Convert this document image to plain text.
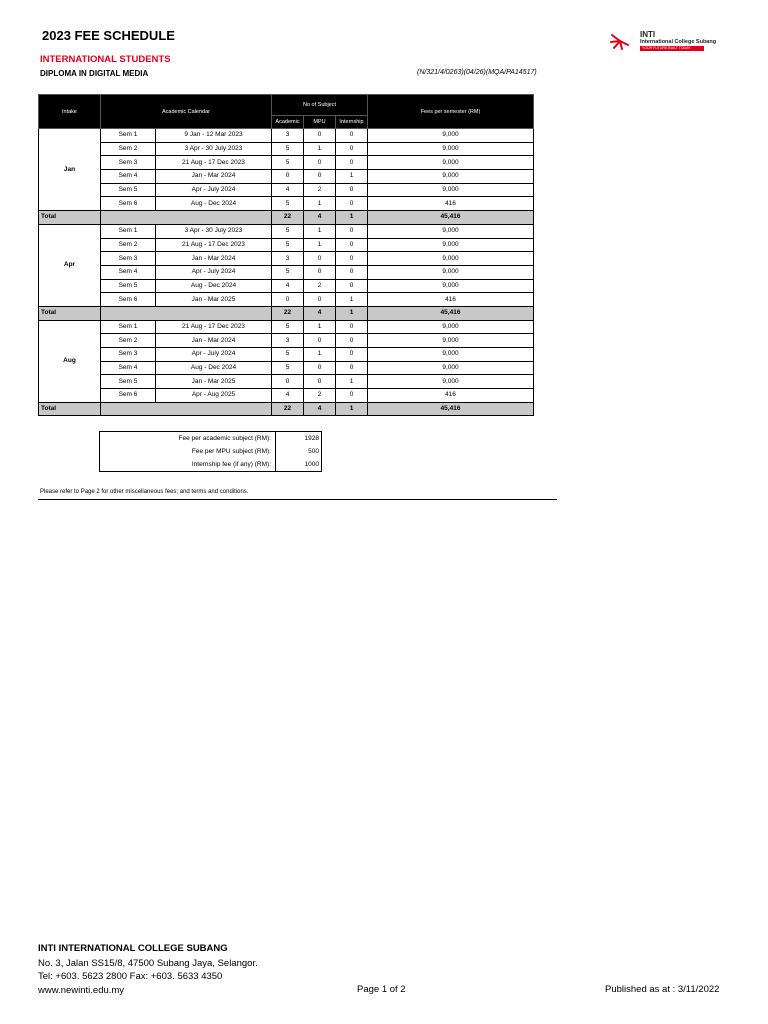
2023 FEE SCHEDULE
INTERNATIONAL STUDENTS
DIPLOMA IN DIGITAL MEDIA	(N/321/4/0263)(04/26)(MQA/PA14517)
INTI
International College Subang
YOUR FUTURE BUILT TODAY
Intake	Academic Calendar		No of Subject			Fees per semester (RM)
			Academic	MPU	Internship	
Jan	Sem 1	9 Jan - 12 Mar 2023	3	0	0	9,000
	Sem 2	3 Apr - 30 July 2023	5	1	0	9,000
	Sem 3	21 Aug - 17 Dec 2023	5	0	0	9,000
	Sem 4	Jan - Mar 2024	0	0	1	9,000
	Sem 5	Apr - July 2024	4	2	0	9,000
	Sem 6	Aug - Dec 2024	5	1	0	416
Total			22	4	1	45,416
Apr	Sem 1	3 Apr - 30 July 2023	5	1	0	9,000
	Sem 2	21 Aug - 17 Dec 2023	5	1	0	9,000
	Sem 3	Jan - Mar 2024	3	0	0	9,000
	Sem 4	Apr - July 2024	5	0	0	9,000
	Sem 5	Aug - Dec 2024	4	2	0	9,000
	Sem 6	Jan - Mar 2025	0	0	1	416
Total			22	4	1	45,416
Aug	Sem 1	21 Aug - 17 Dec 2023	5	1	0	9,000
	Sem 2	Jan - Mar 2024	3	0	0	9,000
	Sem 3	Apr - July 2024	5	1	0	9,000
	Sem 4	Aug - Dec 2024	5	0	0	9,000
	Sem 5	Jan - Mar 2025	0	0	1	9,000
	Sem 6	Apr - Aug 2025	4	2	0	416
Total			22	4	1	45,416
Fee per academic subject (RM):	1928
Fee per MPU subject (RM):	500
Internship fee (if any) (RM):	1000
Please refer to Page 2 for other miscellaneous fees; and terms and conditions.
INTI INTERNATIONAL COLLEGE SUBANG
No. 3, Jalan SS15/8, 47500 Subang Jaya, Selangor.
Tel: +603. 5623 2800 Fax: +603. 5633 4350
www.newinti.edu.my	Page 1 of 2	Published as at : 3/11/2022
